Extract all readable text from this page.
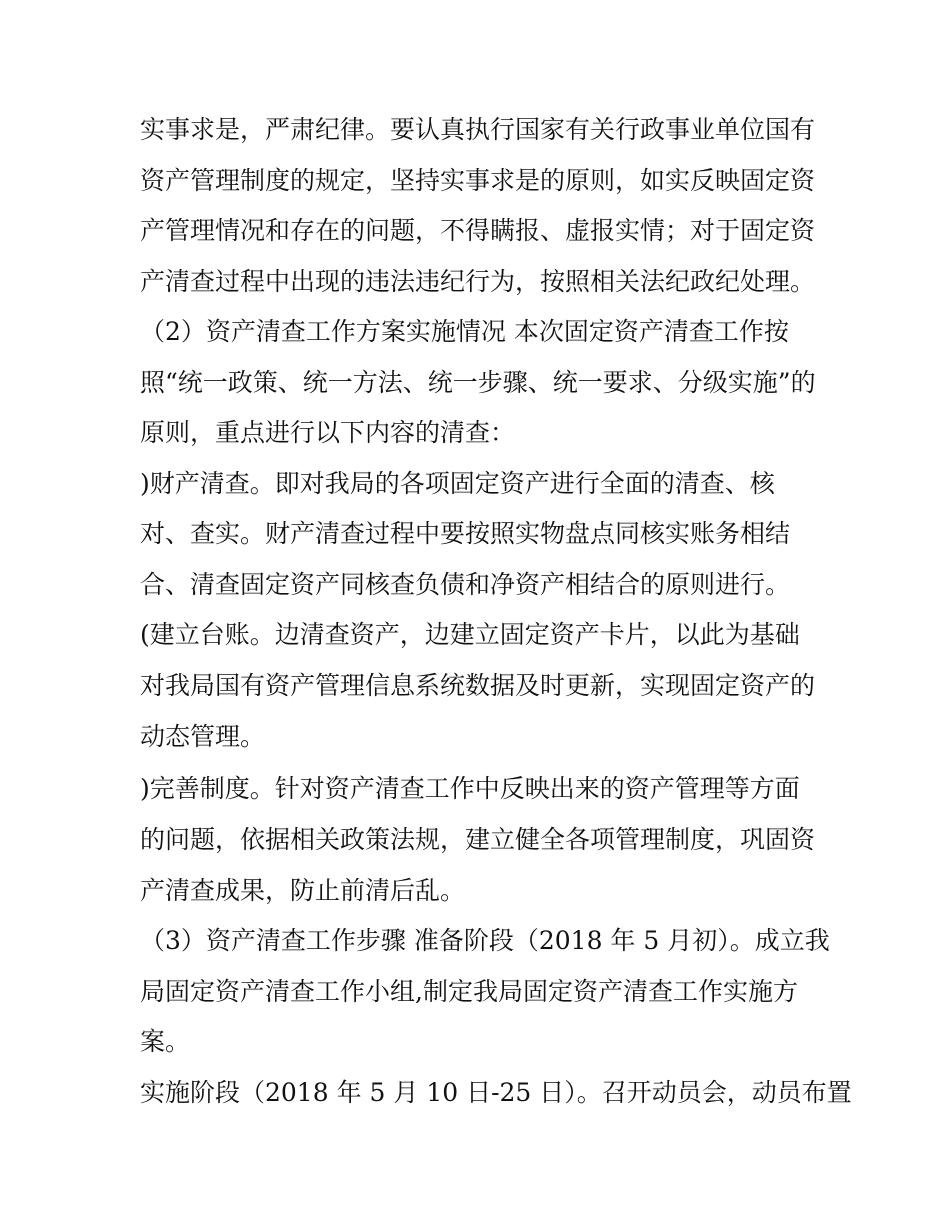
实事求是，严肃纪律。要认真执行国家有关行政事业单位国有
资产管理制度的规定，坚持实事求是的原则，如实反映固定资
产管理情况和存在的问题，不得瞒报、虚报实情；对于固定资
产清查过程中出现的违法违纪行为，按照相关法纪政纪处理。
（2）资产清查工作方案实施情况 本次固定资产清查工作按
照“统一政策、统一方法、统一步骤、统一要求、分级实施”的
原则，重点进行以下内容的清查：
)财产清查。即对我局的各项固定资产进行全面的清查、核
对、查实。财产清查过程中要按照实物盘点同核实账务相结
合、清查固定资产同核查负债和净资产相结合的原则进行。
(建立台账。边清查资产，边建立固定资产卡片，以此为基础
对我局国有资产管理信息系统数据及时更新，实现固定资产的
动态管理。
)完善制度。针对资产清查工作中反映出来的资产管理等方面
的问题，依据相关政策法规，建立健全各项管理制度，巩固资
产清查成果，防止前清后乱。
（3）资产清查工作步骤 准备阶段（2018 年 5 月初）。成立我
局固定资产清查工作小组,制定我局固定资产清查工作实施方
案。
实施阶段（2018 年 5 月 10 日-25 日）。召开动员会，动员布置
